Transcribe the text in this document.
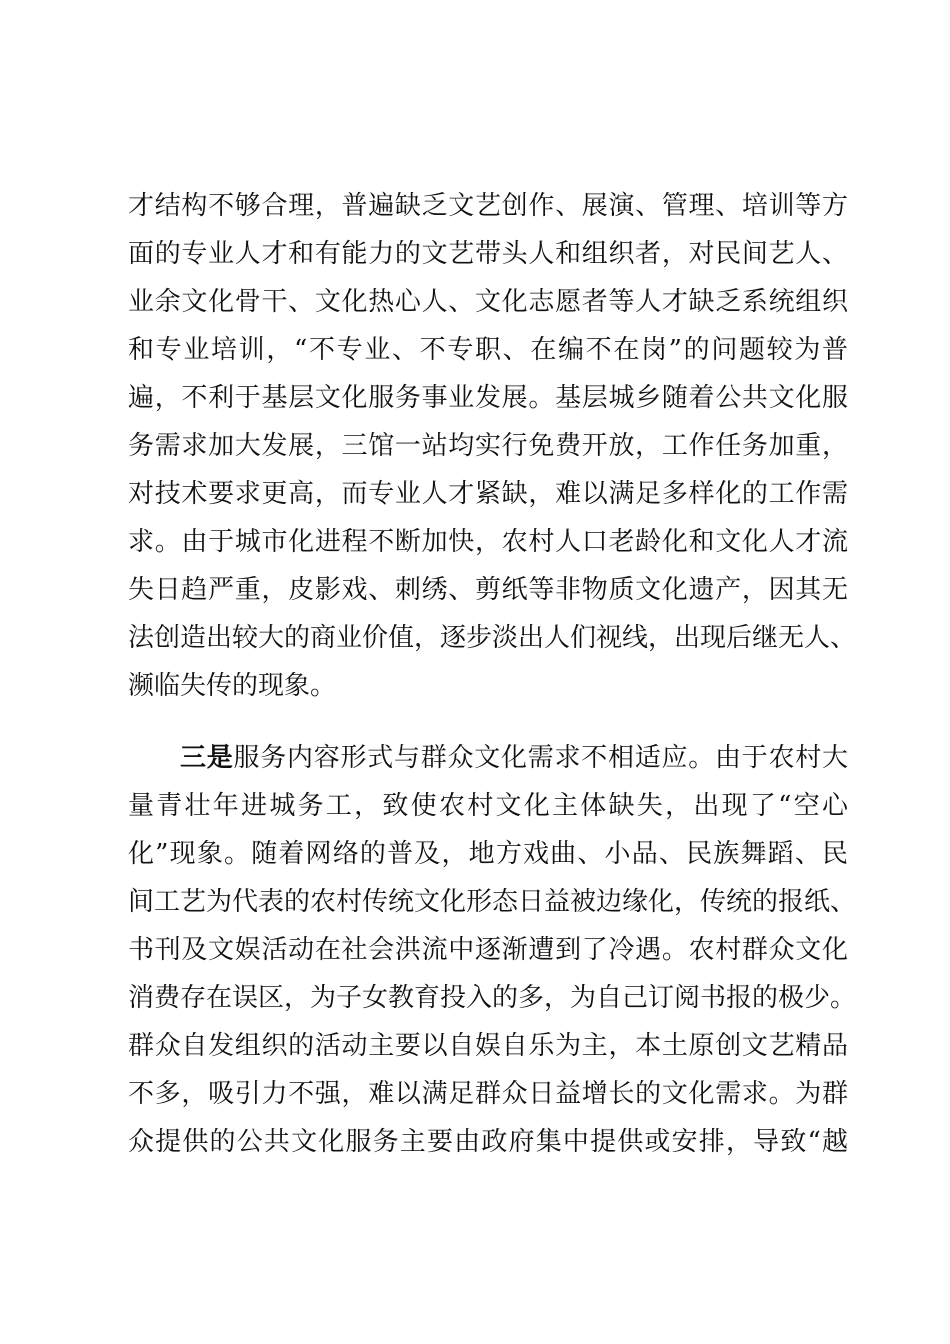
才结构不够合理，普遍缺乏文艺创作、展演、管理、培训等方
面的专业人才和有能力的文艺带头人和组织者，对民间艺人、
业余文化骨干、文化热心人、文化志愿者等人才缺乏系统组织
和专业培训，“不专业、不专职、在编不在岗”的问题较为普
遍，不利于基层文化服务事业发展。基层城乡随着公共文化服
务需求加大发展，三馆一站均实行免费开放，工作任务加重，
对技术要求更高，而专业人才紧缺，难以满足多样化的工作需
求。由于城市化进程不断加快，农村人口老龄化和文化人才流
失日趋严重，皮影戏、刺绣、剪纸等非物质文化遗产，因其无
法创造出较大的商业价值，逐步淡出人们视线，出现后继无人、
濒临失传的现象。
三是服务内容形式与群众文化需求不相适应。由于农村大
量青壮年进城务工，致使农村文化主体缺失，出现了“空心
化”现象。随着网络的普及，地方戏曲、小品、民族舞蹈、民
间工艺为代表的农村传统文化形态日益被边缘化，传统的报纸、
书刊及文娱活动在社会洪流中逐渐遭到了冷遇。农村群众文化
消费存在误区，为子女教育投入的多，为自己订阅书报的极少。
群众自发组织的活动主要以自娱自乐为主，本土原创文艺精品
不多，吸引力不强，难以满足群众日益增长的文化需求。为群
众提供的公共文化服务主要由政府集中提供或安排，导致“越
